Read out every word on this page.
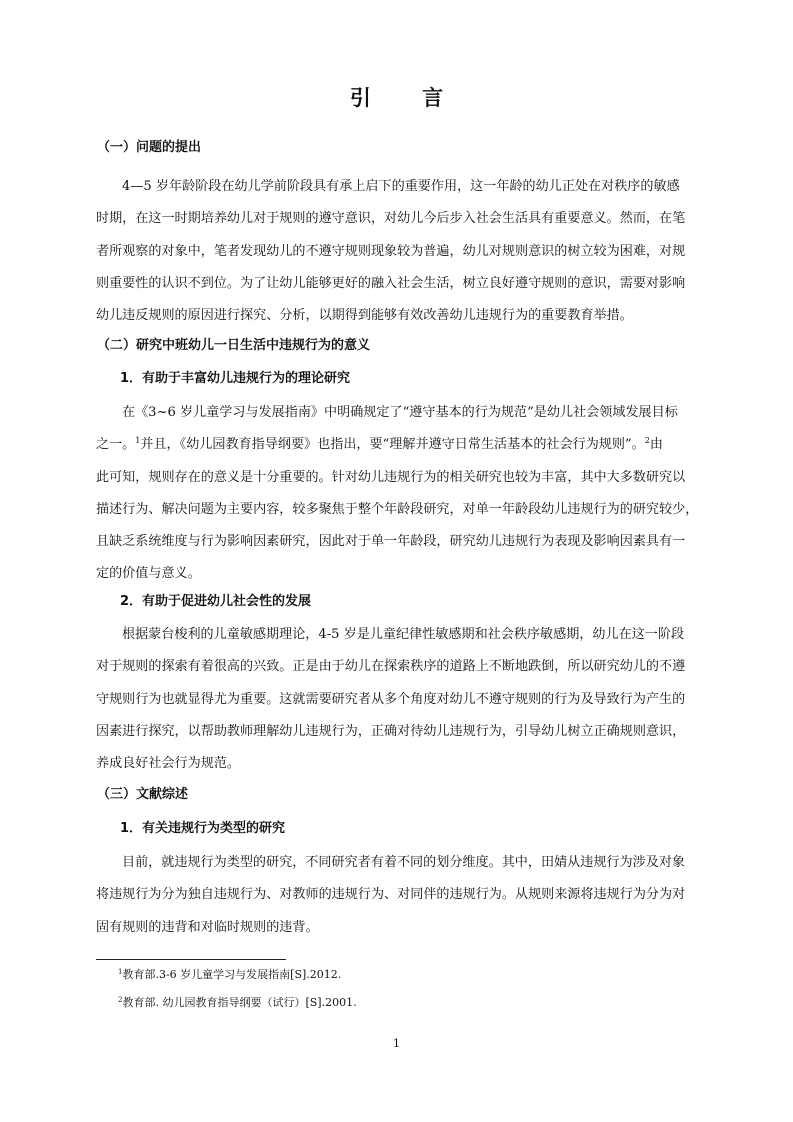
引 言
（一）问题的提出
4—5 岁年龄阶段在幼儿学前阶段具有承上启下的重要作用，这一年龄的幼儿正处在对秩序的敏感
时期，在这一时期培养幼儿对于规则的遵守意识，对幼儿今后步入社会生活具有重要意义。然而，在笔
者所观察的对象中，笔者发现幼儿的不遵守规则现象较为普遍，幼儿对规则意识的树立较为困难，对规
则重要性的认识不到位。为了让幼儿能够更好的融入社会生活，树立良好遵守规则的意识，需要对影响
幼儿违反规则的原因进行探究、分析，以期得到能够有效改善幼儿违规行为的重要教育举措。
（二）研究中班幼儿一日生活中违规行为的意义
1．有助于丰富幼儿违规行为的理论研究
在《3~6 岁儿童学习与发展指南》中明确规定了“遵守基本的行为规范”是幼儿社会领域发展目标
之一。$^1$并且，《幼儿园教育指导纲要》也指出，要“理解并遵守日常生活基本的社会行为规则”。$^2$由
此可知，规则存在的意义是十分重要的。针对幼儿违规行为的相关研究也较为丰富，其中大多数研究以
描述行为、解决问题为主要内容，较多聚焦于整个年龄段研究，对单一年龄段幼儿违规行为的研究较少，
且缺乏系统维度与行为影响因素研究，因此对于单一年龄段，研究幼儿违规行为表现及影响因素具有一
定的价值与意义。
2．有助于促进幼儿社会性的发展
根据蒙台梭利的儿童敏感期理论，4-5 岁是儿童纪律性敏感期和社会秩序敏感期，幼儿在这一阶段
对于规则的探索有着很高的兴致。正是由于幼儿在探索秩序的道路上不断地跌倒，所以研究幼儿的不遵
守规则行为也就显得尤为重要。这就需要研究者从多个角度对幼儿不遵守规则的行为及导致行为产生的
因素进行探究，以帮助教师理解幼儿违规行为，正确对待幼儿违规行为，引导幼儿树立正确规则意识，
养成良好社会行为规范。
（三）文献综述
1．有关违规行为类型的研究
目前，就违规行为类型的研究，不同研究者有着不同的划分维度。其中，田婧从违规行为涉及对象
将违规行为分为独自违规行为、对教师的违规行为、对同伴的违规行为。从规则来源将违规行为分为对
固有规则的违背和对临时规则的违背。
$^1$教育部.3-6 岁儿童学习与发展指南[S].2012.
$^2$教育部. 幼儿园教育指导纲要（试行）[S].2001.
1
